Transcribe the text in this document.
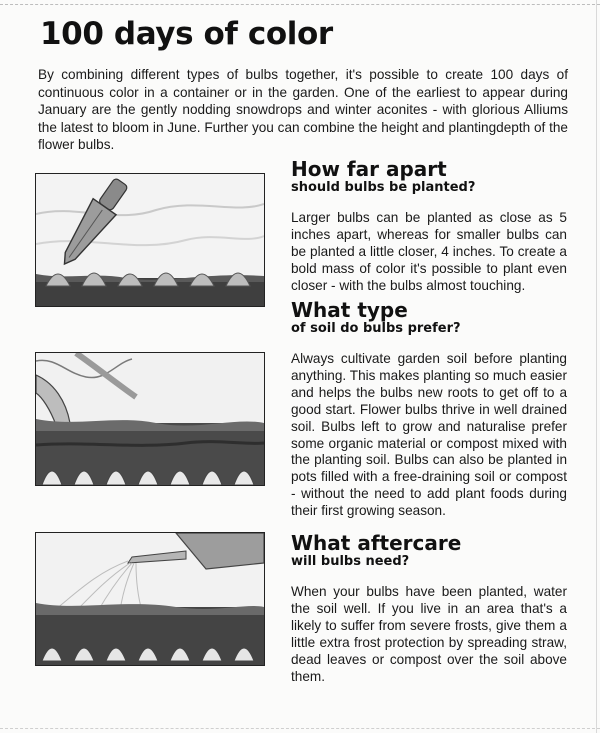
100 days of color

By combining different types of bulbs together, it's possible to create 100 days of continuous color in a container or in the garden. One of the earliest to appear during January are the gently nodding snowdrops and winter aconites - with glorious Alliums the latest to bloom in June. Further you can combine the height and plantingdepth of the flower bulbs.

How far apart
should bulbs be planted?

Larger bulbs can be planted as close as 5 inches apart, whereas for smaller bulbs can be planted a little closer, 4 inches. To create a bold mass of color it's possible to plant even closer - with the bulbs almost touching.

What type
of soil do bulbs prefer?

Always cultivate garden soil before planting anything. This makes planting so much easier and helps the bulbs new roots to get off to a good start. Flower bulbs thrive in well drained soil. Bulbs left to grow and naturalise prefer some organic material or compost mixed with the planting soil. Bulbs can also be planted in pots filled with a free-draining soil or compost - without the need to add plant foods during their first growing season.

What aftercare
will bulbs need?

When your bulbs have been planted, water the soil well. If you live in an area that's a likely to suffer from severe frosts, give them a little extra frost protection by spreading straw, dead leaves or compost over the soil above them.
